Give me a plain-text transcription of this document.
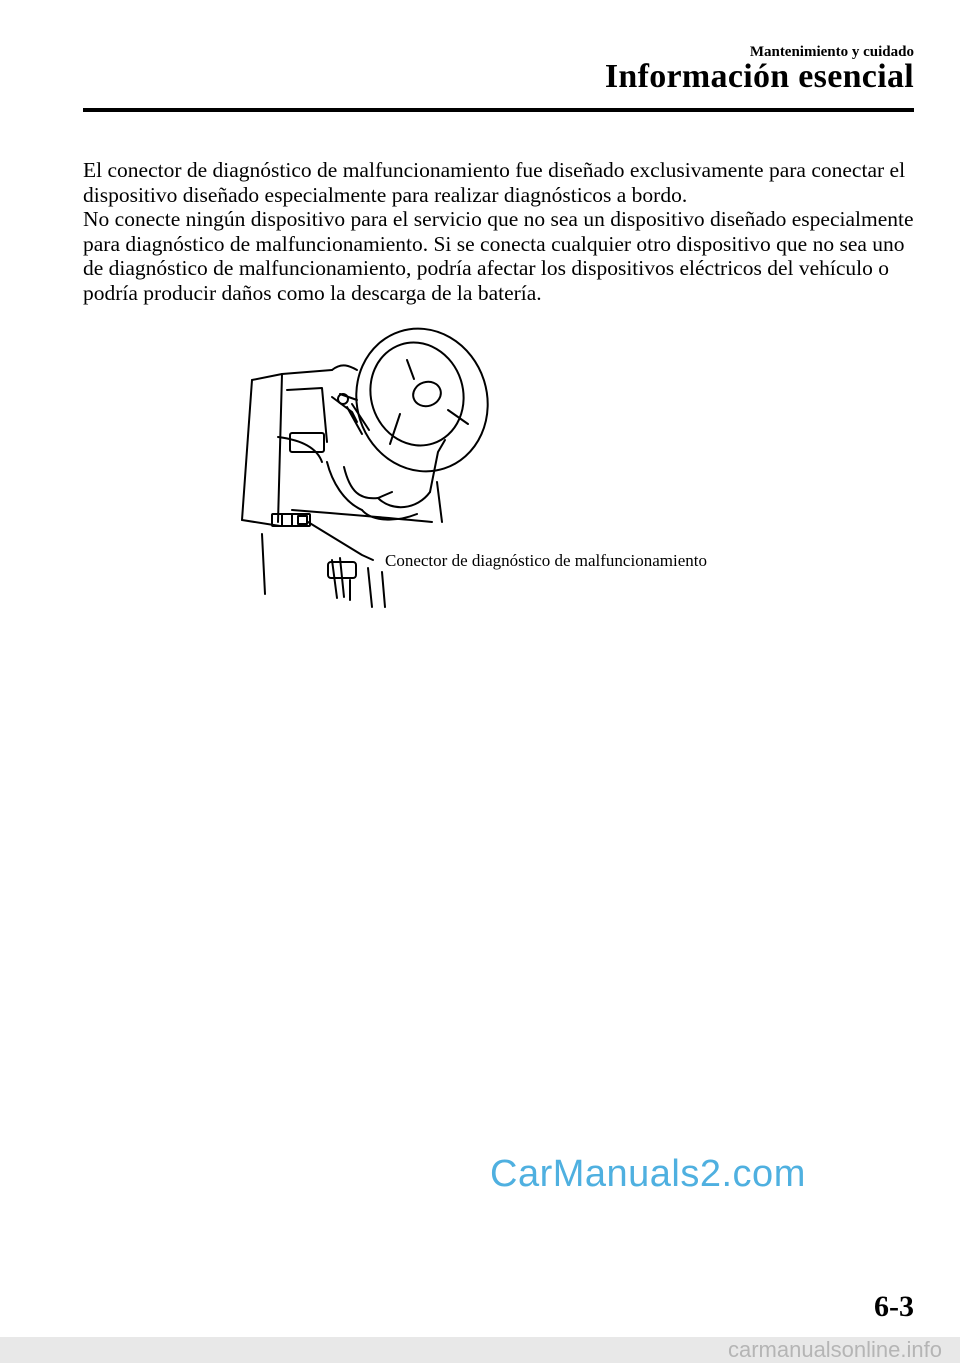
Mantenimiento y cuidado
Información esencial

El conector de diagnóstico de malfuncionamiento fue diseñado exclusivamente para conectar el dispositivo diseñado especialmente para realizar diagnósticos a bordo.

No conecte ningún dispositivo para el servicio que no sea un dispositivo diseñado especialmente para diagnóstico de malfuncionamiento. Si se conecta cualquier otro dispositivo que no sea uno de diagnóstico de malfuncionamiento, podría afectar los dispositivos eléctricos del vehículo o podría producir daños como la descarga de la batería.

Conector de diagnóstico de malfuncionamiento
CarManuals2.com
6-3
carmanualsonline.info
